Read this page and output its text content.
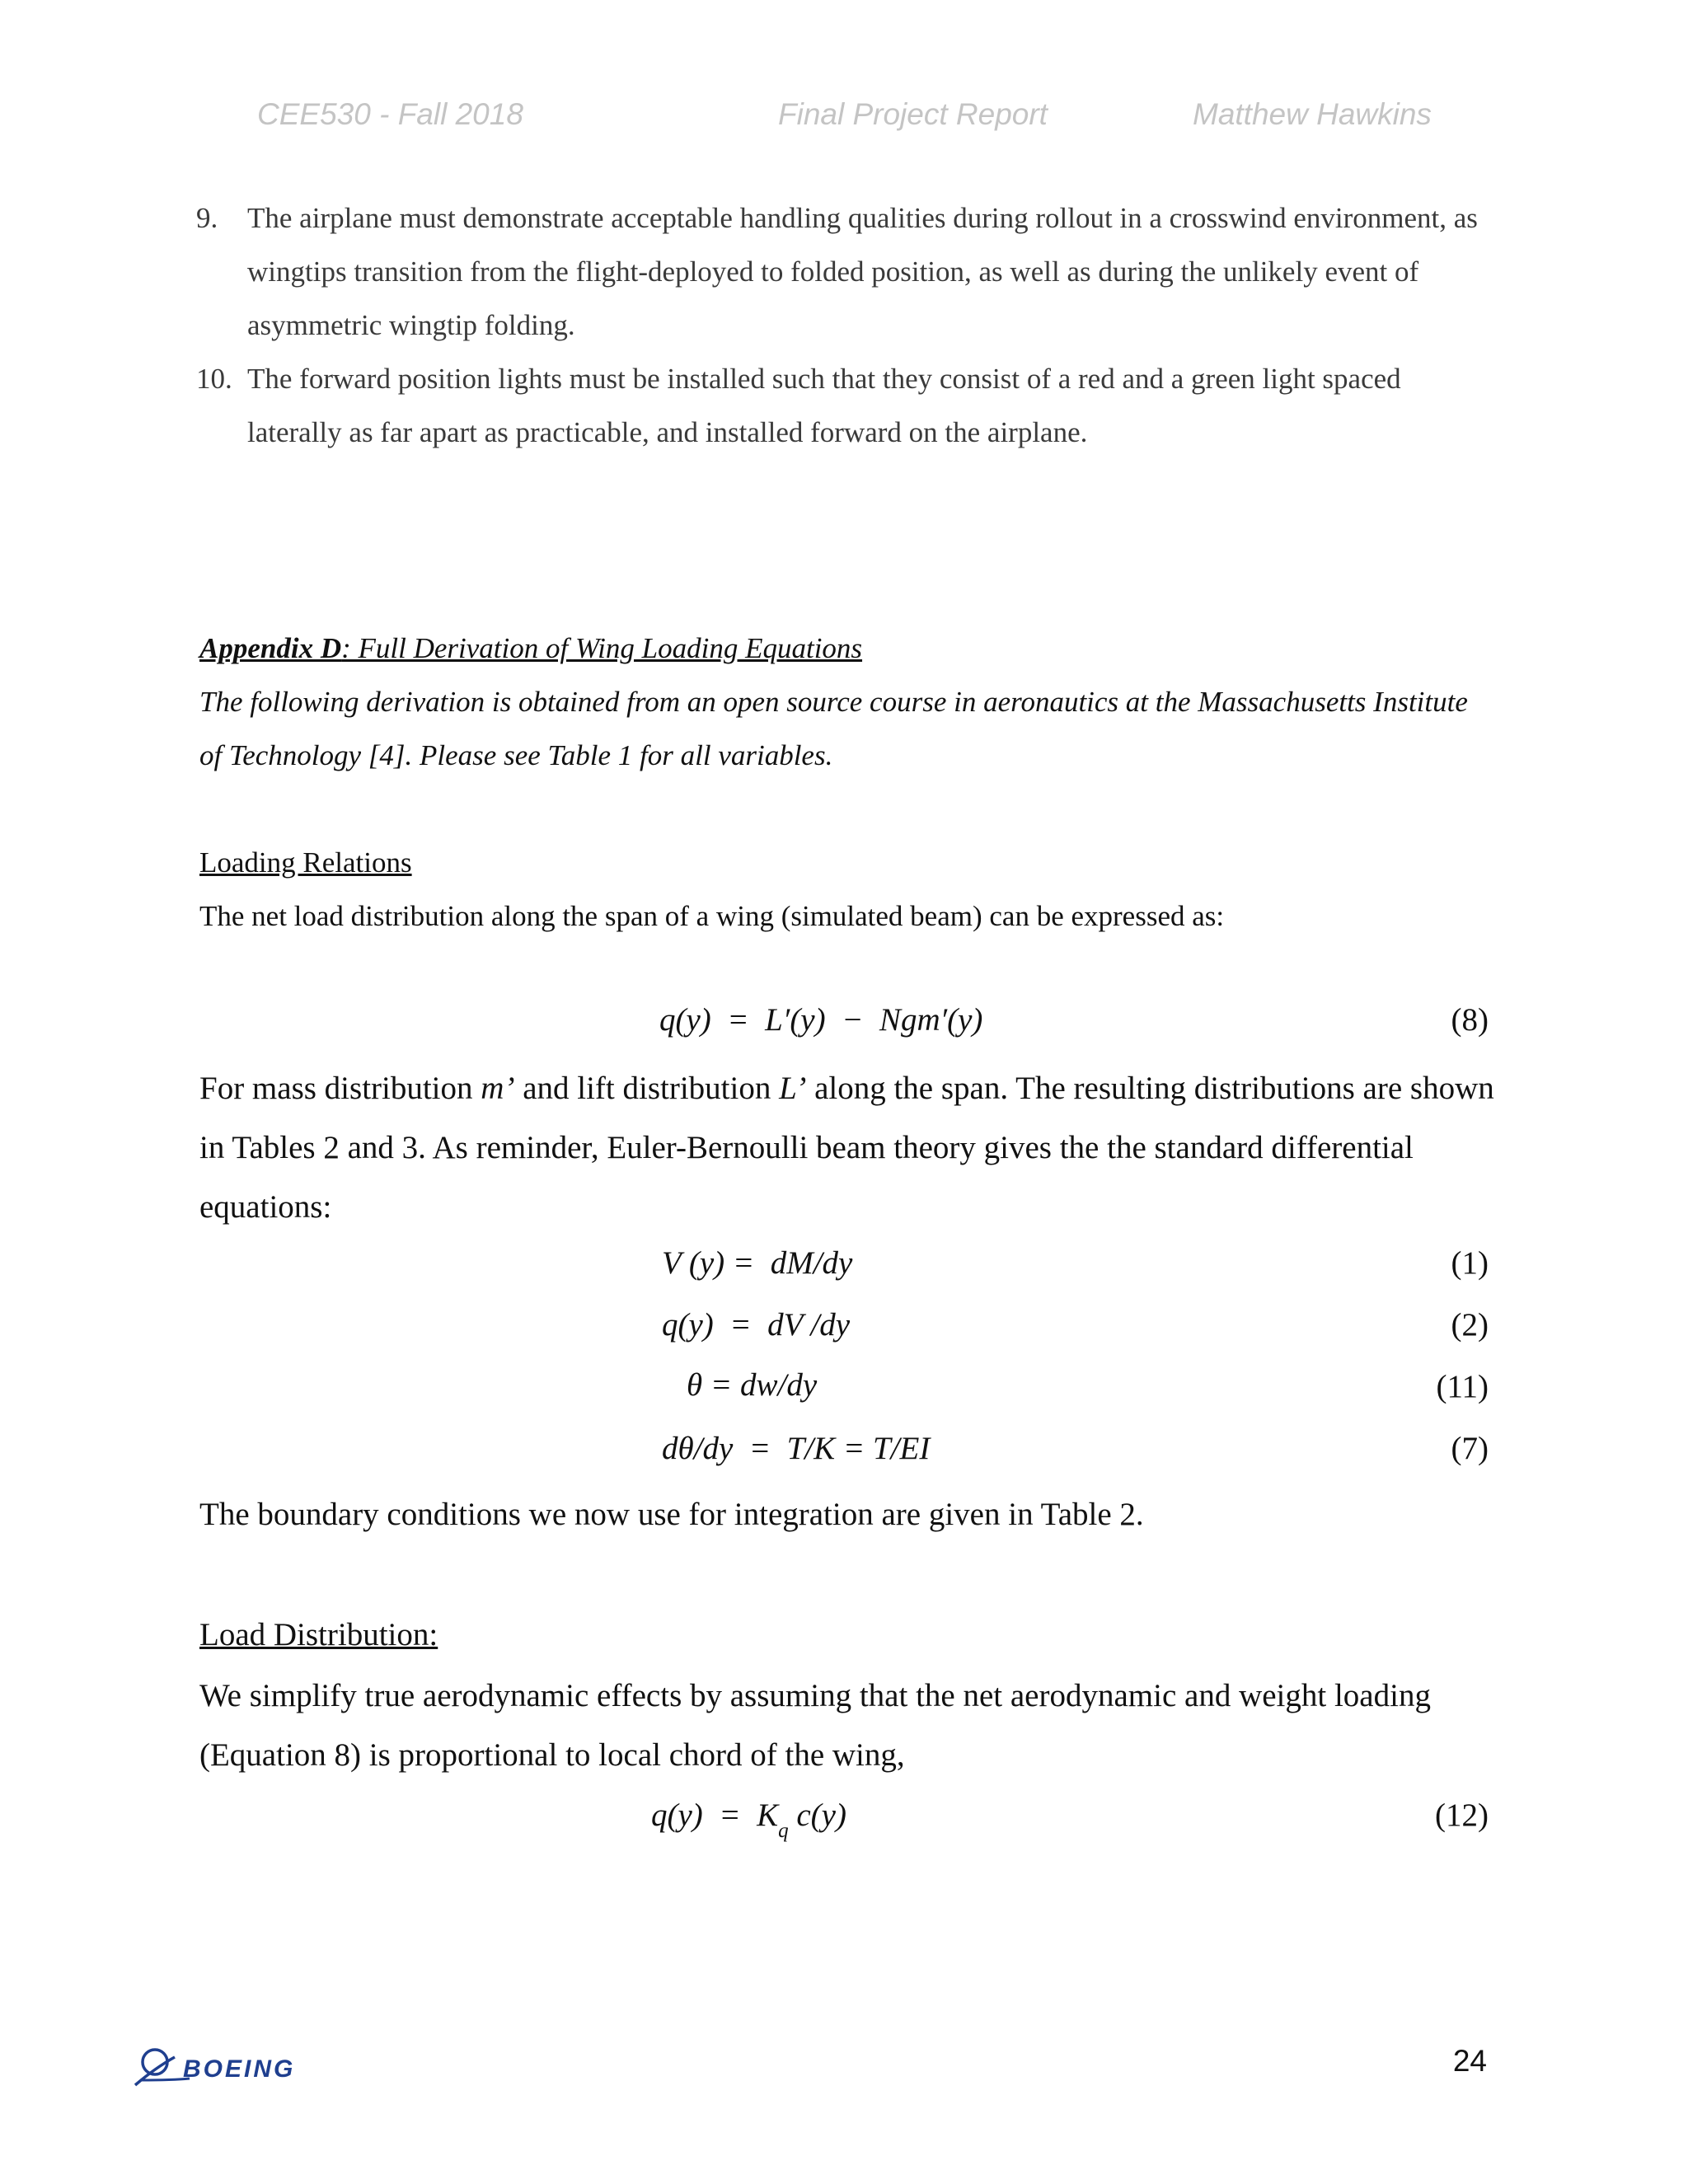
CEE530 - Fall 2018	Final Project Report	Matthew Hawkins
9.	The airplane must demonstrate acceptable handling qualities during rollout in a crosswind environment, as wingtips transition from the flight-deployed to folded position, as well as during the unlikely event of asymmetric wingtip folding.
10. The forward position lights must be installed such that they consist of a red and a green light spaced laterally as far apart as practicable, and installed forward on the airplane.
Appendix D: Full Derivation of Wing Loading Equations
The following derivation is obtained from an open source course in aeronautics at the Massachusetts Institute of Technology [4]. Please see Table 1 for all variables.
Loading Relations
The net load distribution along the span of a wing (simulated beam) can be expressed as:
q(y)  =  L′(y)  −  Ngm′(y)	(8)
For mass distribution m’ and lift distribution L’ along the span. The resulting distributions are shown in Tables 2 and 3. As reminder, Euler-Bernoulli beam theory gives the the standard differential equations:
V (y) =  dM/dy	(1)
q(y)  =  dV /dy	(2)
θ = dw/dy	(11)
dθ/dy  =  T/K = T/EI	(7)
The boundary conditions we now use for integration are given in Table 2.
Load Distribution:
We simplify true aerodynamic effects by assuming that the net aerodynamic and weight loading (Equation 8) is proportional to local chord of the wing,
$q(y) = K_q$ c(y)	(12)
BOEING	24
